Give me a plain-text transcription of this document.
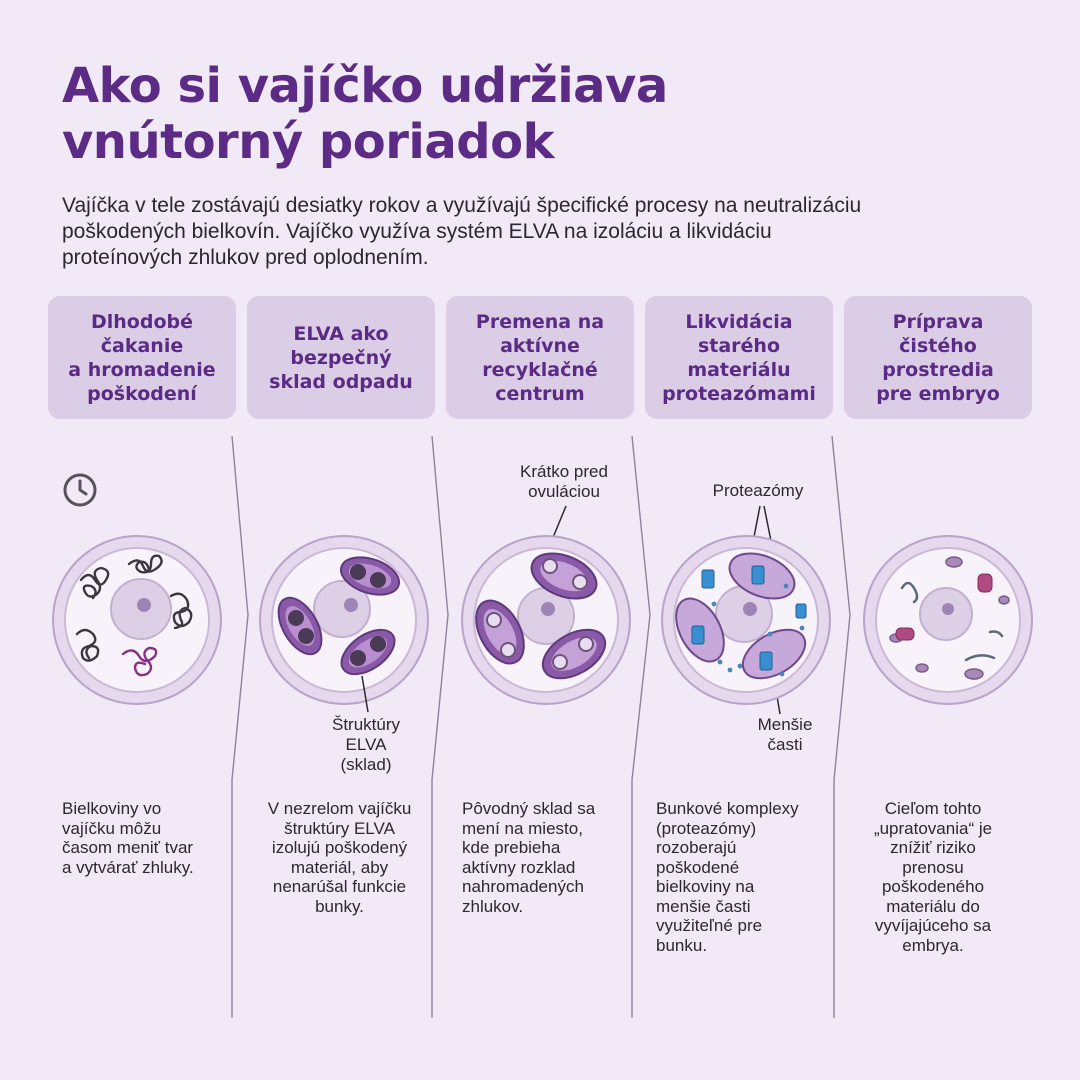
Ako si vajíčko udržiava
vnútorný poriadok
Vajíčka v tele zostávajú desiatky rokov a využívajú špecifické procesy na neutralizáciu
poškodených bielkovín. Vajíčko využíva systém ELVA na izoláciu a likvidáciu
proteínových zhlukov pred oplodnením.
Dlhodobé
čakanie
a hromadenie
poškodení
ELVA ako
bezpečný
sklad odpadu
Premena na
aktívne
recyklačné
centrum
Likvidácia
starého
materiálu
proteazómami
Príprava
čistého
prostredia
pre embryo
Štruktúry
ELVA
(sklad)
Krátko pred
ovuláciou	Proteazómy
Menšie
časti
Bielkoviny vo
vajíčku môžu
časom meniť tvar
a vytvárať zhluky.
V nezrelom vajíčku
štruktúry ELVA
izolujú poškodený
materiál, aby
nenarúšal funkcie
bunky.
Pôvodný sklad sa
mení na miesto,
kde prebieha
aktívny rozklad
nahromadených
zhlukov.
Bunkové komplexy
(proteazómy)
rozoberajú
poškodené
bielkoviny na
menšie časti
využiteľné pre
bunku.
Cieľom tohto
„upratovania“ je
znížiť riziko
prenosu
poškodeného
materiálu do
vyvíjajúceho sa
embrya.
